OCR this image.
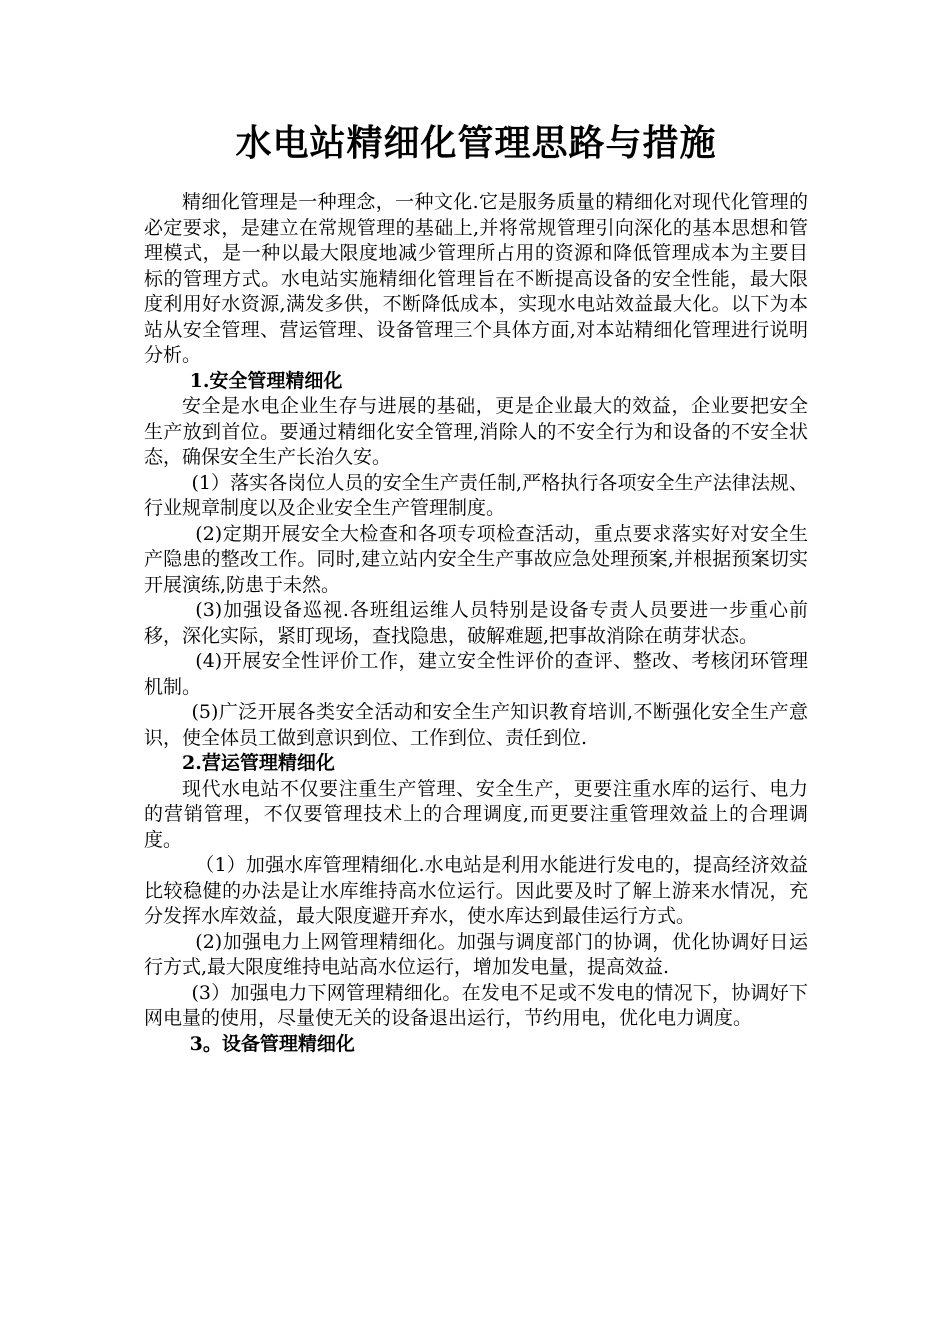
水电站精细化管理思路与措施

精细化管理是一种理念，一种文化.它是服务质量的精细化对现代化管理的必定要求，是建立在常规管理的基础上,并将常规管理引向深化的基本思想和管理模式，是一种以最大限度地减少管理所占用的资源和降低管理成本为主要目标的管理方式。水电站实施精细化管理旨在不断提高设备的安全性能，最大限度利用好水资源,满发多供，不断降低成本，实现水电站效益最大化。以下为本站从安全管理、营运管理、设备管理三个具体方面,对本站精细化管理进行说明分析。

1.安全管理精细化

安全是水电企业生存与进展的基础，更是企业最大的效益，企业要把安全生产放到首位。要通过精细化安全管理,消除人的不安全行为和设备的不安全状态，确保安全生产长治久安。

(1）落实各岗位人员的安全生产责任制,严格执行各项安全生产法律法规、行业规章制度以及企业安全生产管理制度。

(2)定期开展安全大检查和各项专项检查活动，重点要求落实好对安全生产隐患的整改工作。同时,建立站内安全生产事故应急处理预案,并根据预案切实开展演练,防患于未然。

(3)加强设备巡视.各班组运维人员特别是设备专责人员要进一步重心前移，深化实际，紧盯现场，查找隐患，破解难题,把事故消除在萌芽状态。

(4)开展安全性评价工作，建立安全性评价的查评、整改、考核闭环管理机制。

(5)广泛开展各类安全活动和安全生产知识教育培训,不断强化安全生产意识，使全体员工做到意识到位、工作到位、责任到位.

2.营运管理精细化

现代水电站不仅要注重生产管理、安全生产，更要注重水库的运行、电力的营销管理，不仅要管理技术上的合理调度,而更要注重管理效益上的合理调度。

（1）加强水库管理精细化.水电站是利用水能进行发电的，提高经济效益比较稳健的办法是让水库维持高水位运行。因此要及时了解上游来水情况，充分发挥水库效益，最大限度避开弃水，使水库达到最佳运行方式。

(2)加强电力上网管理精细化。加强与调度部门的协调，优化协调好日运行方式,最大限度维持电站高水位运行，增加发电量，提高效益.

(3）加强电力下网管理精细化。在发电不足或不发电的情况下，协调好下网电量的使用，尽量使无关的设备退出运行，节约用电，优化电力调度。

3。设备管理精细化
